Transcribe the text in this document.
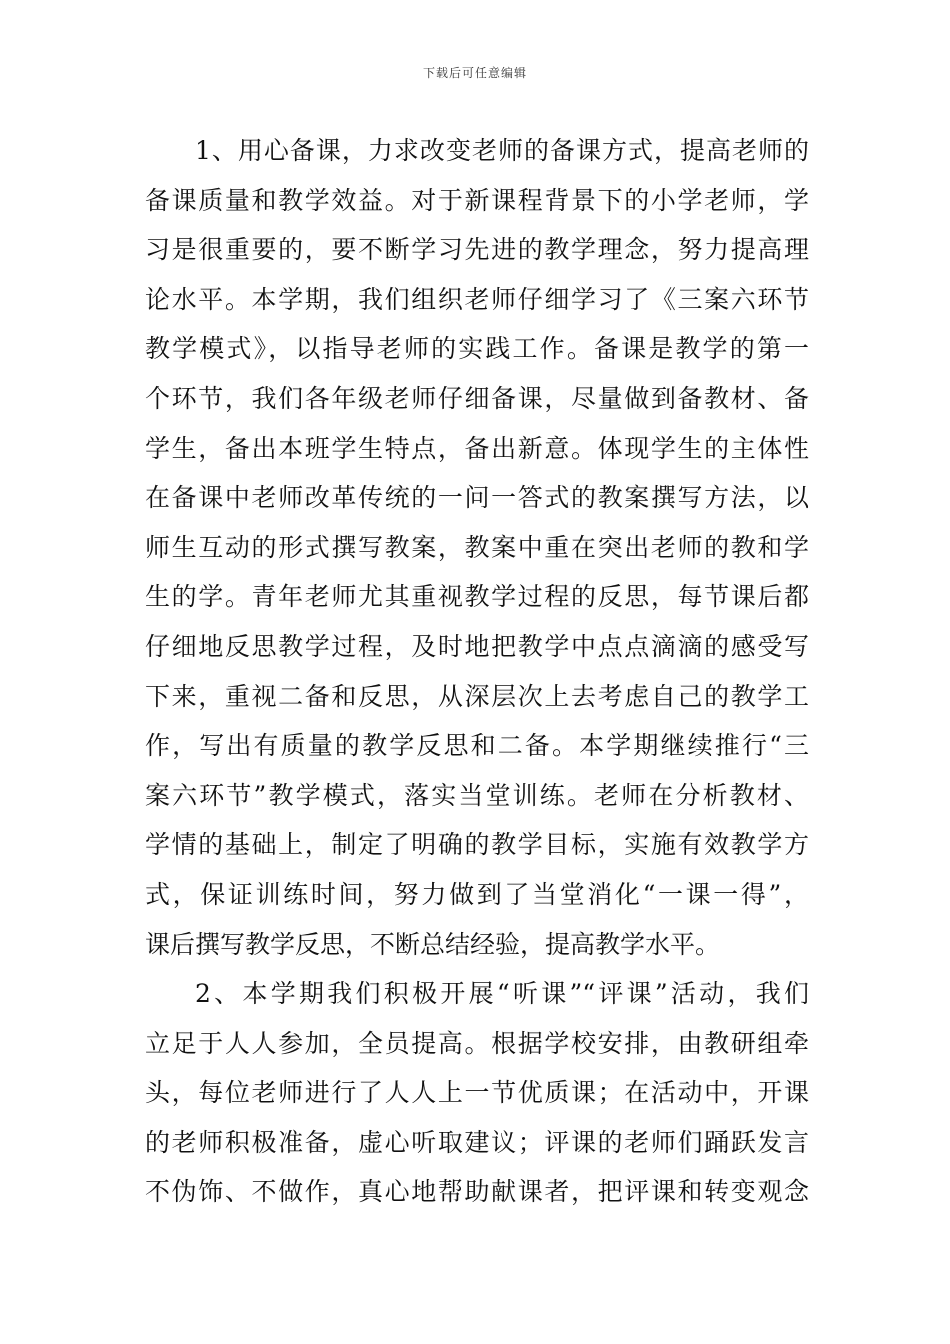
下载后可任意编辑
1、用心备课，力求改变老师的备课方式，提高老师的
备课质量和教学效益。对于新课程背景下的小学老师，学
习是很重要的，要不断学习先进的教学理念，努力提高理
论水平。本学期，我们组织老师仔细学习了《三案六环节
教学模式》，以指导老师的实践工作。备课是教学的第一
个环节，我们各年级老师仔细备课，尽量做到备教材、备
学生，备出本班学生特点，备出新意。体现学生的主体性
在备课中老师改革传统的一问一答式的教案撰写方法，以
师生互动的形式撰写教案，教案中重在突出老师的教和学
生的学。青年老师尤其重视教学过程的反思，每节课后都
仔细地反思教学过程，及时地把教学中点点滴滴的感受写
下来，重视二备和反思，从深层次上去考虑自己的教学工
作，写出有质量的教学反思和二备。本学期继续推行“三
案六环节”教学模式，落实当堂训练。老师在分析教材、
学情的基础上，制定了明确的教学目标，实施有效教学方
式，保证训练时间，努力做到了当堂消化“一课一得”，
课后撰写教学反思，不断总结经验，提高教学水平。
2、本学期我们积极开展“听课”“评课”活动，我们
立足于人人参加，全员提高。根据学校安排，由教研组牵
头，每位老师进行了人人上一节优质课；在活动中，开课
的老师积极准备，虚心听取建议；评课的老师们踊跃发言
不伪饰、不做作，真心地帮助献课者，把评课和转变观念
